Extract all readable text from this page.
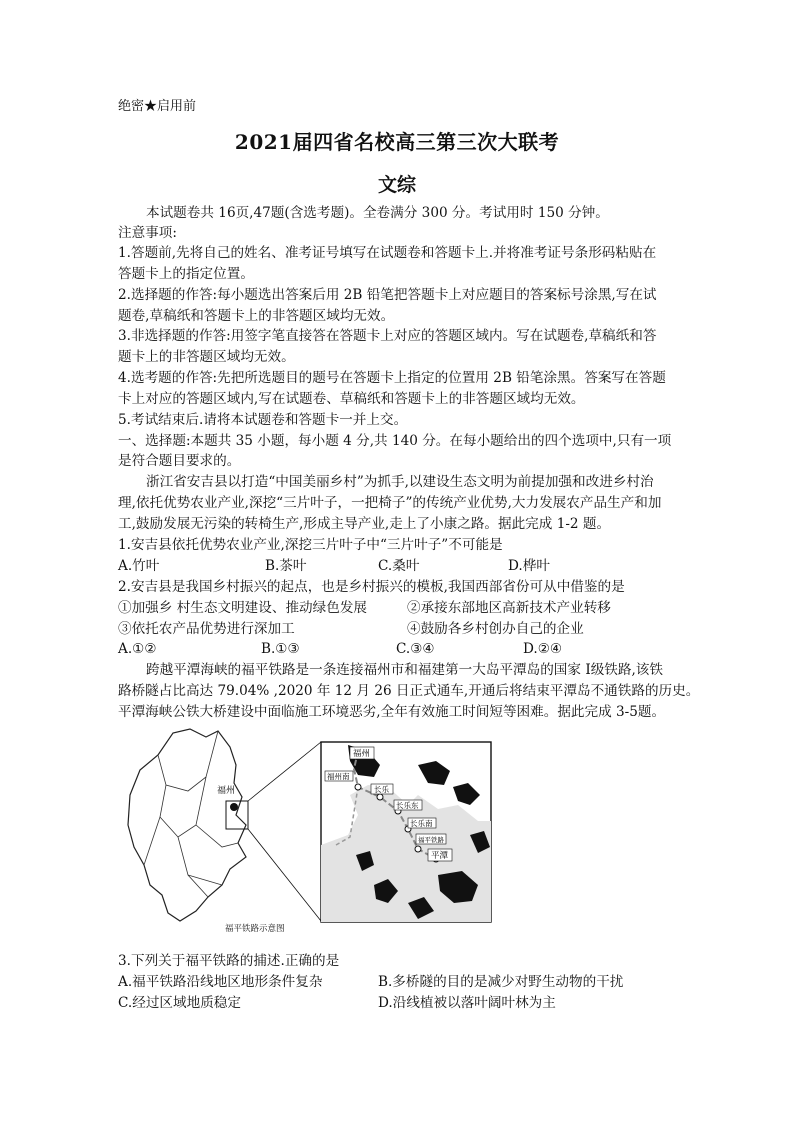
绝密★启用前
2021届四省名校高三第三次大联考
文综
本试题卷共 16页,47题(含选考题)。全卷满分 300 分。考试用时 150 分钟。
注意事项:
1.答题前,先将自己的姓名、准考证号填写在试题卷和答题卡上.并将准考证号条形码粘贴在
答题卡上的指定位置。
2.选择题的作答:每小题选出答案后用 2B 铅笔把答题卡上对应题目的答案标号涂黑,写在试
题卷,草稿纸和答题卡上的非答题区域均无效。
3.非选择题的作答:用签字笔直接答在答题卡上对应的答题区域内。写在试题卷,草稿纸和答
题卡上的非答题区域均无效。
4.选考题的作答:先把所选题目的题号在答题卡上指定的位置用 2B 铅笔涂黑。答案写在答题
卡上对应的答题区域内,写在试题卷、草稿纸和答题卡上的非答题区域均无效。
5.考试结束后.请将本试题卷和答题卡一并上交。
一、选择题:本题共 35 小题，每小题 4 分,共 140 分。在每小题给出的四个选项中,只有一项
是符合题目要求的。
浙江省安吉县以打造“中国美丽乡村”为抓手,以建设生态文明为前提加强和改进乡村治
理,依托优势农业产业,深挖“三片叶子，一把椅子”的传统产业优势,大力发展农产品生产和加
工,鼓励发展无污染的转椅生产,形成主导产业,走上了小康之路。据此完成 1-2 题。
1.安吉县依托优势农业产业,深挖三片叶子中“三片叶子”不可能是
A.竹叶	B.茶叶	C.桑叶	D.桦叶
2.安吉县是我国乡村振兴的起点，也是乡村振兴的模板,我国西部省份可从中借鉴的是
①加强乡 村生态文明建设、推动绿色发展	②承接东部地区高新技术产业转移
③依托农产品优势进行深加工	④鼓励各乡村创办自己的企业
A.①②	B.①③	C.③④	D.②④
跨越平潭海峡的福平铁路是一条连接福州市和福建第一大岛平潭岛的国家 I级铁路,该铁
路桥隧占比高达 79.04% ,2020 年 12 月 26 日正式通车,开通后将结束平潭岛不通铁路的历史。
平潭海峡公铁大桥建设中面临施工环境恶劣,全年有效施工时间短等困难。据此完成 3-5题。
福州
福州
福州南
长乐
长乐东
长乐南
福平铁路
平潭
福平铁路示意图
3.下列关于福平铁路的捕述.正确的是
A.福平铁路沿线地区地形条件复杂	B.多桥隧的目的是减少对野生动物的干扰
C.经过区域地质稳定	D.沿线植被以落叶阔叶林为主
